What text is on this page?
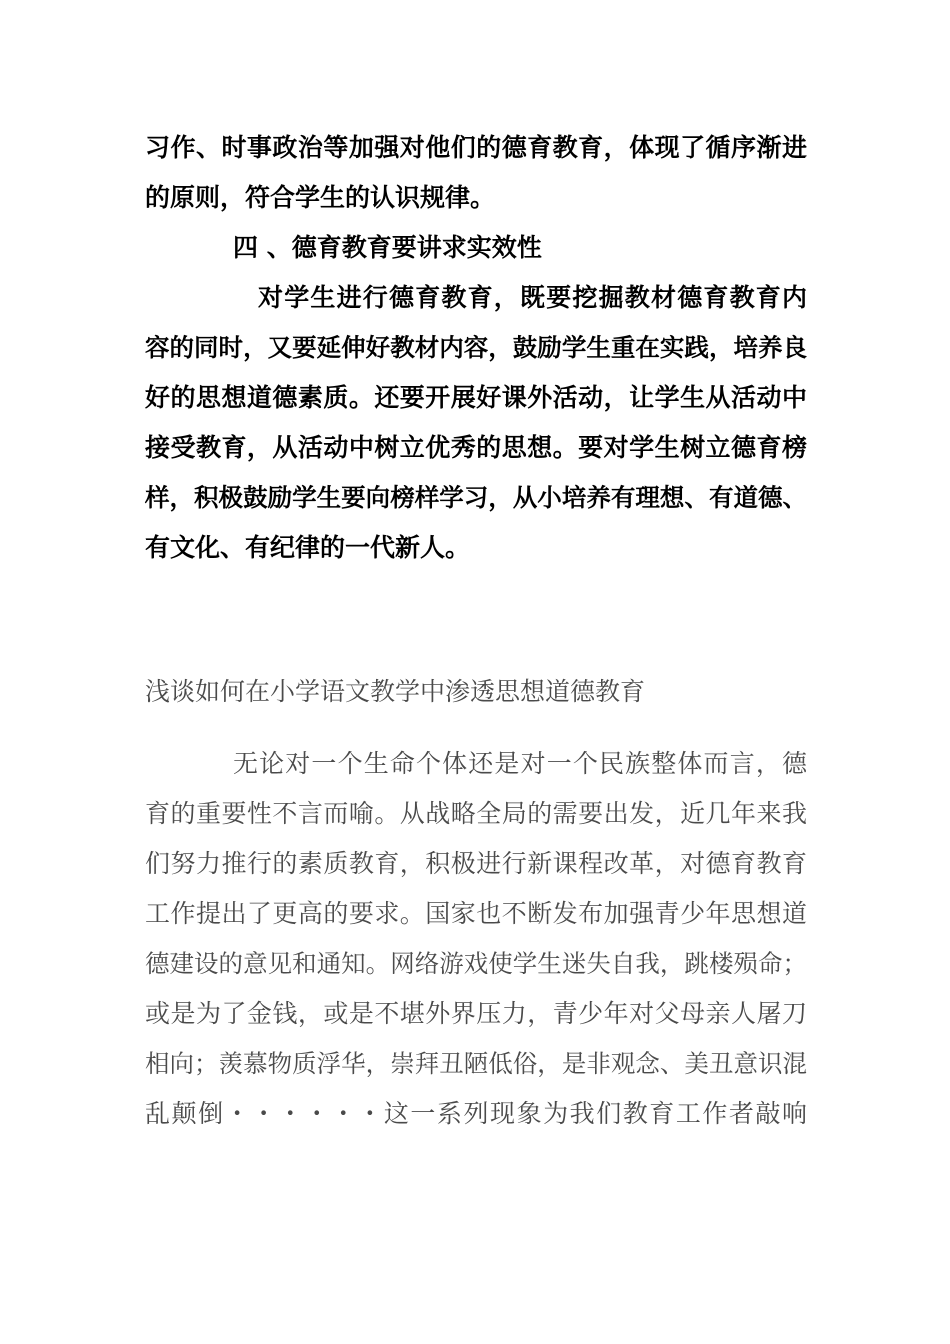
习作、时事政治等加强对他们的德育教育，体现了循序渐进

的原则，符合学生的认识规律。

四 、德育教育要讲求实效性

对学生进行德育教育，既要挖掘教材德育教育内

容的同时，又要延伸好教材内容，鼓励学生重在实践，培养良

好的思想道德素质。还要开展好课外活动，让学生从活动中

接受教育，从活动中树立优秀的思想。要对学生树立德育榜

样，积极鼓励学生要向榜样学习，从小培养有理想、有道德、

有文化、有纪律的一代新人。

浅谈如何在小学语文教学中渗透思想道德教育

无论对一个生命个体还是对一个民族整体而言，德

育的重要性不言而喻。从战略全局的需要出发，近几年来我

们努力推行的素质教育，积极进行新课程改革，对德育教育

工作提出了更高的要求。国家也不断发布加强青少年思想道

德建设的意见和通知。网络游戏使学生迷失自我，跳楼殒命；

或是为了金钱，或是不堪外界压力，青少年对父母亲人屠刀

相向；羡慕物质浮华，崇拜丑陋低俗，是非观念、美丑意识混

乱颠倒・・・・・・这一系列现象为我们教育工作者敲响
